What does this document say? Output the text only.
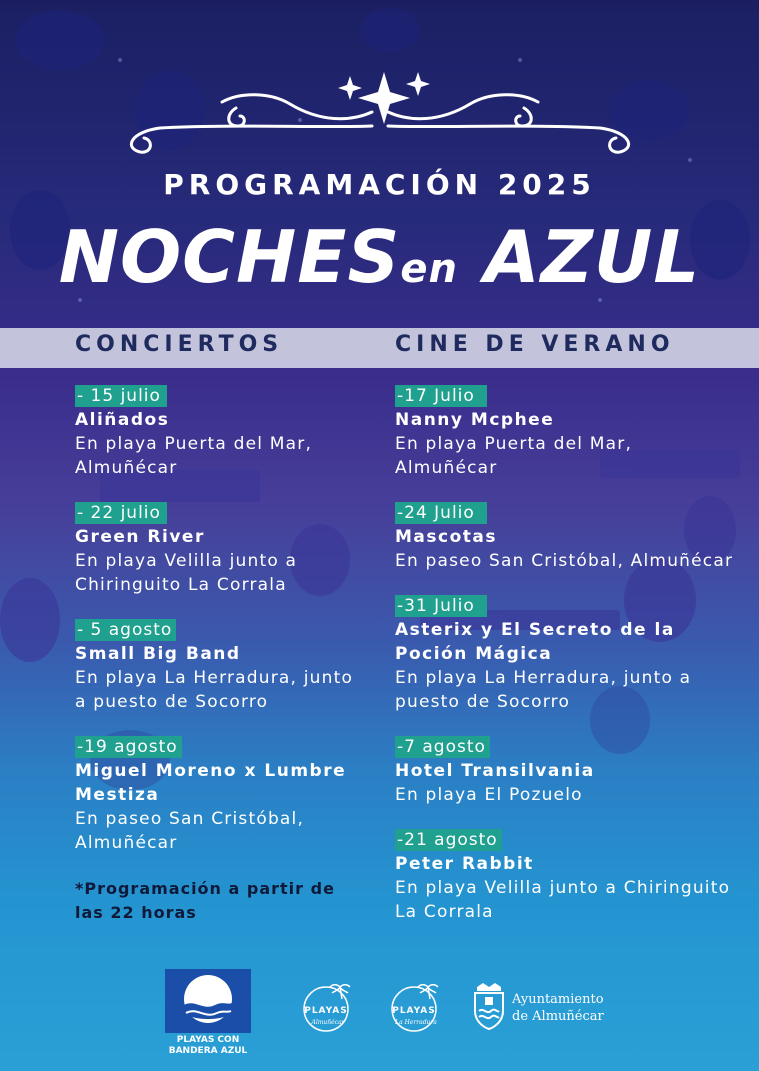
PROGRAMACIÓN 2025
NOCHESen AZUL
CONCIERTOS	CINE DE VERANO
- 15 julio
Aliñados
En playa Puerta del Mar, Almuñécar
- 22 julio
Green River
En playa Velilla junto a Chiringuito La Corrala
- 5 agosto
Small Big Band
En playa La Herradura, junto a puesto de Socorro
-19 agosto
Miguel Moreno x Lumbre Mestiza
En paseo San Cristóbal, Almuñécar
*Programación a partir de las 22 horas
-17 Julio
Nanny Mcphee
En playa Puerta del Mar, Almuñécar
-24 Julio
Mascotas
En paseo San Cristóbal, Almuñécar
-31 Julio
Asterix y El Secreto de la Poción Mágica
En playa La Herradura, junto a puesto de Socorro
-7 agosto
Hotel Transilvania
En playa El Pozuelo
-21 agosto
Peter Rabbit
En playa Velilla junto a Chiringuito La Corrala
PLAYAS CON
BANDERA AZUL
PLAYAS
Almuñécar
PLAYAS
La Herradura
Ayuntamiento
de Almuñécar
